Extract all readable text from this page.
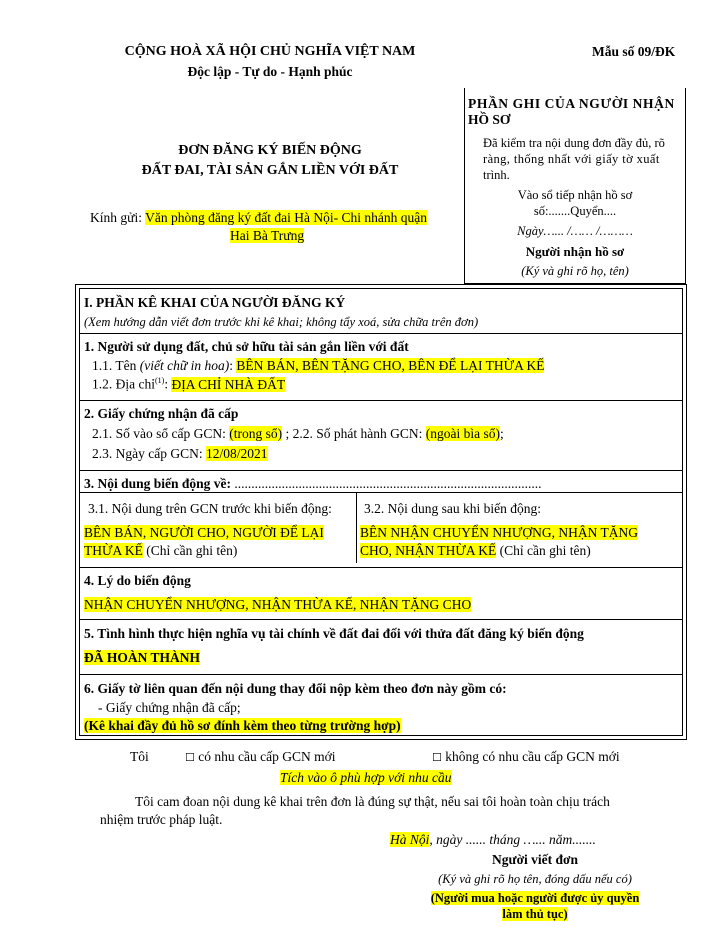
CỘNG HOÀ XÃ HỘI CHỦ NGHĨA VIỆT NAM
Độc lập - Tự do - Hạnh phúc
Mẫu số 09/ĐK
ĐƠN ĐĂNG KÝ BIẾN ĐỘNG
ĐẤT ĐAI, TÀI SẢN GẮN LIỀN VỚI ĐẤT
Kính gửi: Văn phòng đăng ký đất đai Hà Nội- Chi nhánh quận
Hai Bà Trưng
PHẦN GHI CỦA NGƯỜI NHẬN
HỒ SƠ
Đã kiểm tra nội dung đơn đầy đủ, rõ
ràng, thống nhất với giấy tờ xuất
trình.
Vào sổ tiếp nhận hồ sơ
số:.......Quyển....
Ngày…... /…… /………
Người nhận hồ sơ
(Ký và ghi rõ họ, tên)
I. PHẦN KÊ KHAI CỦA NGƯỜI ĐĂNG KÝ
(Xem hướng dẫn viết đơn trước khi kê khai; không tẩy xoá, sửa chữa trên đơn)
1. Người sử dụng đất, chủ sở hữu tài sản gắn liền với đất
1.1. Tên (viết chữ in hoa): BÊN BÁN, BÊN TẶNG CHO, BÊN ĐỂ LẠI THỪA KẾ
1.2. Địa chỉ$^{(1)}$: ĐỊA CHỈ NHÀ ĐẤT
2. Giấy chứng nhận đã cấp
2.1. Số vào sổ cấp GCN: (trong sổ) ; 2.2. Số phát hành GCN: (ngoài bìa sổ);
2.3. Ngày cấp GCN: 12/08/2021
3. Nội dung biến động về: ...........................................................................................
3.1. Nội dung trên GCN trước khi biến động:
BÊN BÁN, NGƯỜI CHO, NGƯỜI ĐỂ LẠI
THỪA KẾ (Chỉ cần ghi tên)
3.2. Nội dung sau khi biến động:
BÊN NHẬN CHUYỂN NHƯỢNG, NHẬN TẶNG
CHO, NHẬN THỪA KẾ (Chỉ cần ghi tên)
4. Lý do biến động
NHẬN CHUYỂN NHƯỢNG, NHẬN THỪA KẾ, NHẬN TẶNG CHO
5. Tình hình thực hiện nghĩa vụ tài chính về đất đai đối với thửa đất đăng ký biến động
ĐÃ HOÀN THÀNH
6. Giấy tờ liên quan đến nội dung thay đổi nộp kèm theo đơn này gồm có:
- Giấy chứng nhận đã cấp;
(Kê khai đầy đủ hồ sơ đính kèm theo từng trường hợp)
Tôi	☐ có nhu cầu cấp GCN mới	☐ không có nhu cầu cấp GCN mới
Tích vào ô phù hợp với nhu cầu
Tôi cam đoan nội dung kê khai trên đơn là đúng sự thật, nếu sai tôi hoàn toàn chịu trách
nhiệm trước pháp luật.
Hà Nội, ngày ...... tháng …... năm.......
Người viết đơn
(Ký và ghi rõ họ tên, đóng dấu nếu có)
(Người mua hoặc người được ủy quyền
làm thủ tục)
